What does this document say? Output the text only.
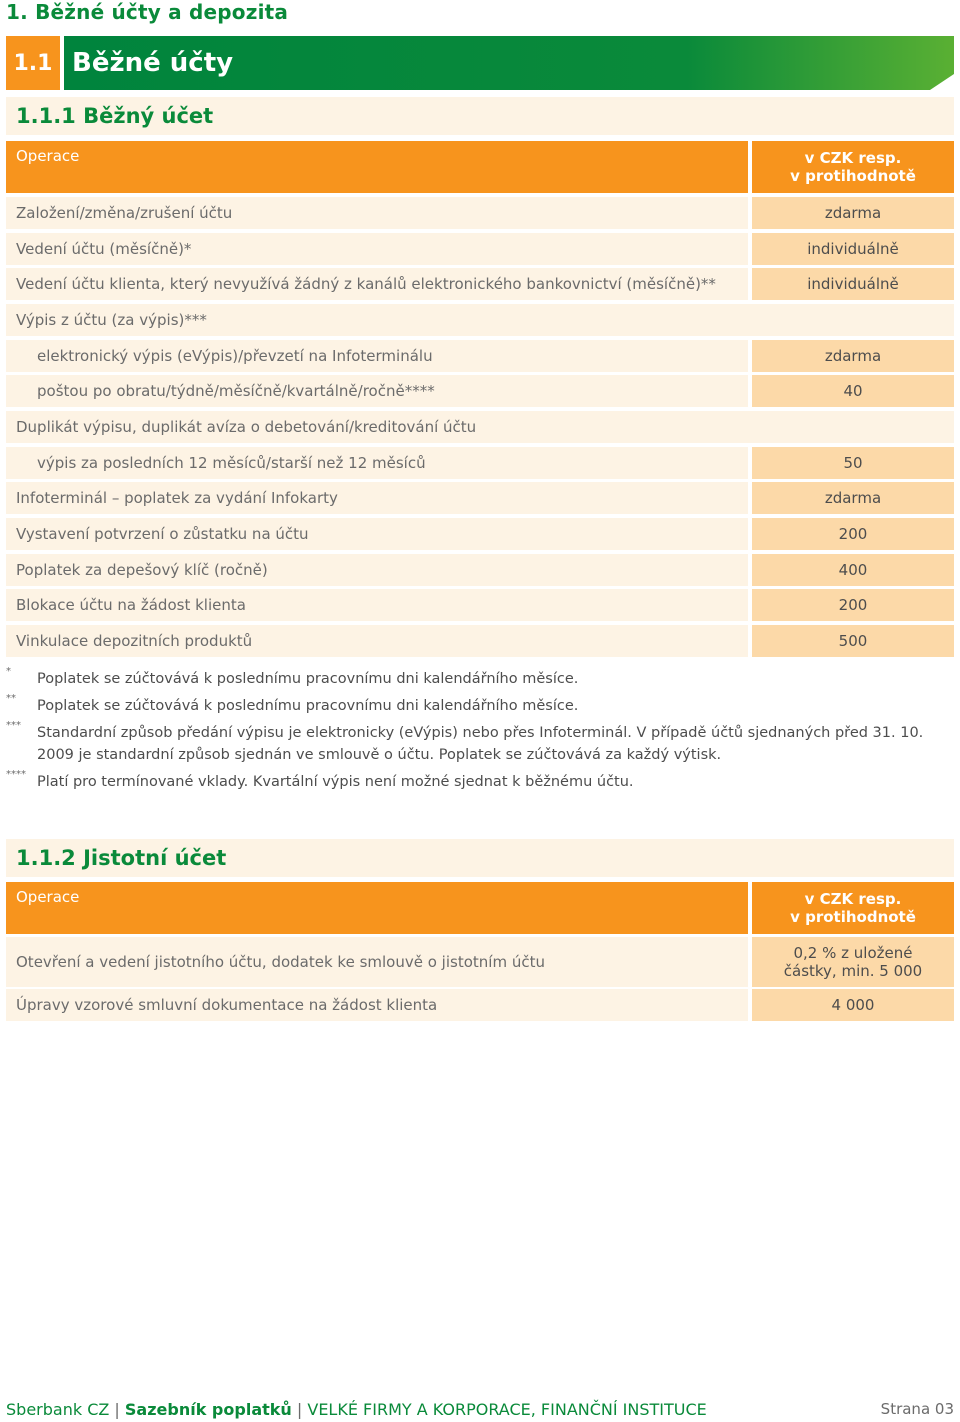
1. Běžné účty a depozita
1.1 Běžné účty
1.1.1 Běžný účet
Operace	v CZK resp.
v protihodnotě
Založení/změna/zrušení účtu	zdarma
Vedení účtu (měsíčně)*	individuálně
Vedení účtu klienta, který nevyužívá žádný z kanálů elektronického bankovnictví (měsíčně)**	individuálně
Výpis z účtu (za výpis)***
elektronický výpis (eVýpis)/převzetí na Infoterminálu	zdarma
poštou po obratu/týdně/měsíčně/kvartálně/ročně****	40
Duplikát výpisu, duplikát avíza o debetování/kreditování účtu
výpis za posledních 12 měsíců/starší než 12 měsíců	50
Infoterminál – poplatek za vydání Infokarty	zdarma
Vystavení potvrzení o zůstatku na účtu	200
Poplatek za depešový klíč (ročně)	400
Blokace účtu na žádost klienta	200
Vinkulace depozitních produktů	500
* Poplatek se zúčtovává k poslednímu pracovnímu dni kalendářního měsíce.
** Poplatek se zúčtovává k poslednímu pracovnímu dni kalendářního měsíce.
*** Standardní způsob předání výpisu je elektronicky (eVýpis) nebo přes Infoterminál. V případě účtů sjednaných před 31. 10. 2009 je standardní způsob sjednán ve smlouvě o účtu. Poplatek se zúčtovává za každý výtisk.
**** Platí pro termínované vklady. Kvartální výpis není možné sjednat k běžnému účtu.
1.1.2 Jistotní účet
Operace	v CZK resp.
v protihodnotě
Otevření a vedení jistotního účtu, dodatek ke smlouvě o jistotním účtu	0,2 % z uložené částky, min. 5 000
Úpravy vzorové smluvní dokumentace na žádost klienta	4 000
Sberbank CZ | Sazebník poplatků | VELKÉ FIRMY A KORPORACE, FINANČNÍ INSTITUCE	Strana 03
